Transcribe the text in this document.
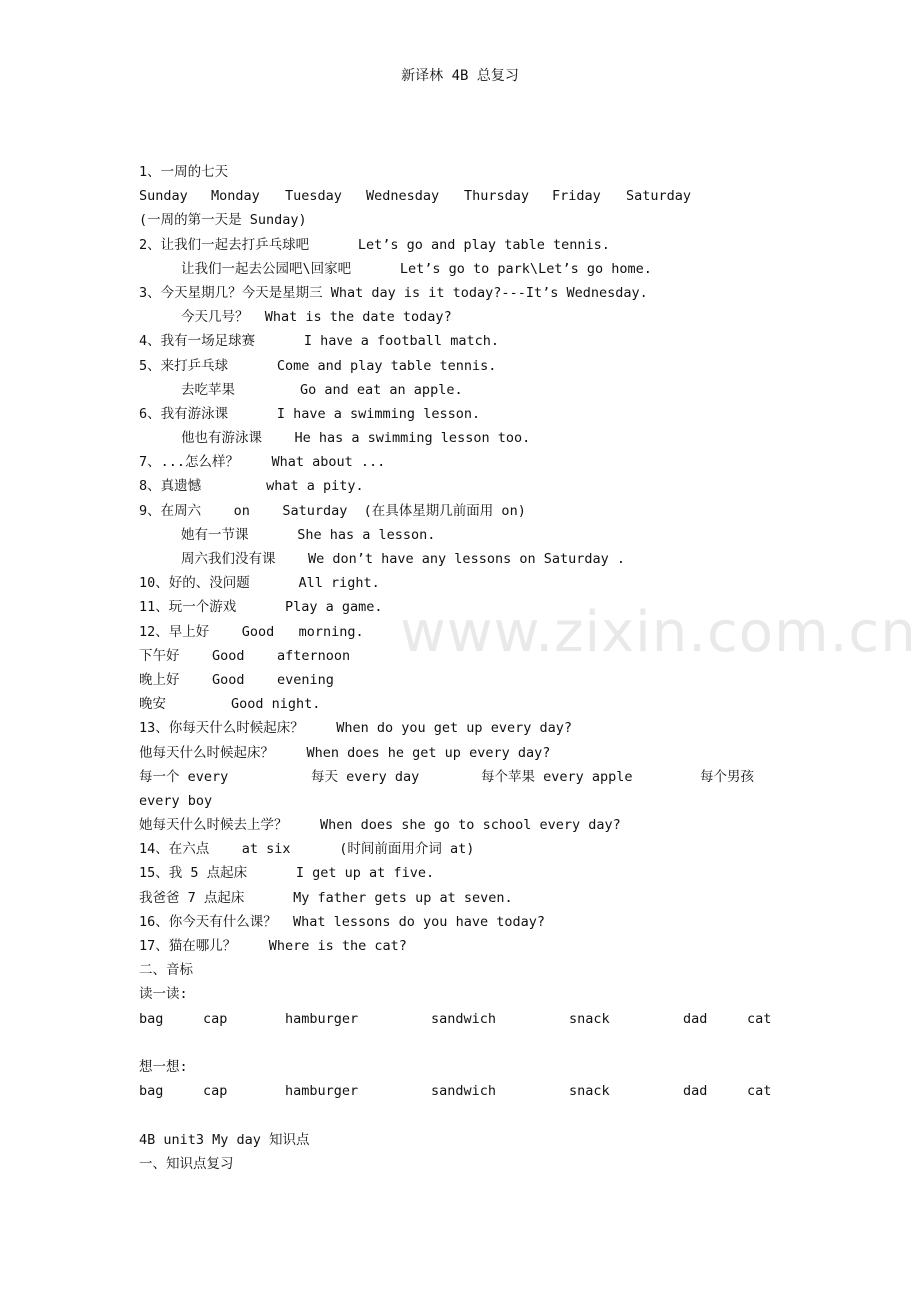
新译林 4B 总复习
www.zixin.com.cn
1、一周的七天

Sunday

Monday

Tuesday

Wednesday

Thursday

Friday

Saturday

(一周的第一天是 Sunday)
2、让我们一起去打乒乓球吧      Let’s go and play table tennis.
让我们一起去公园吧\回家吧      Let’s go to park\Let’s go home.
3、今天星期几？今天是星期三 What day is it today?---It’s Wednesday.
今天几号？  What is the date today?
4、我有一场足球赛      I have a football match.
5、来打乒乓球      Come and play table tennis.
去吃苹果        Go and eat an apple.
6、我有游泳课      I have a swimming lesson.
他也有游泳课    He has a swimming lesson too.
7、...怎么样？    What about ...
8、真遗憾        what a pity.
9、在周六    on    Saturday  (在具体星期几前面用 on)
她有一节课      She has a lesson.
周六我们没有课    We don’t have any lessons on Saturday .
10、好的、没问题      All right.
11、玩一个游戏      Play a game.
12、早上好    Good   morning.
下午好    Good    afternoon
晚上好    Good    evening
晚安        Good night.
13、你每天什么时候起床？    When do you get up every day?
他每天什么时候起床？    When does he get up every day?

每一个 every

	每天 every day

	每个苹果 every apple

	每个男孩

every boy
她每天什么时候去上学？    When does she go to school every day?
14、在六点    at six      (时间前面用介词 at)
15、我 5 点起床      I get up at five.
我爸爸 7 点起床      My father gets up at seven.
16、你今天有什么课？  What lessons do you have today?
17、猫在哪儿？    Where is the cat?
二、音标
读一读:

bag

	cap

	hamburger

	sandwich

	snack

	dad

	cat

想一想:

bag

	cap

	hamburger

	sandwich

	snack

	dad

	cat

4B unit3 My day 知识点
一、知识点复习
